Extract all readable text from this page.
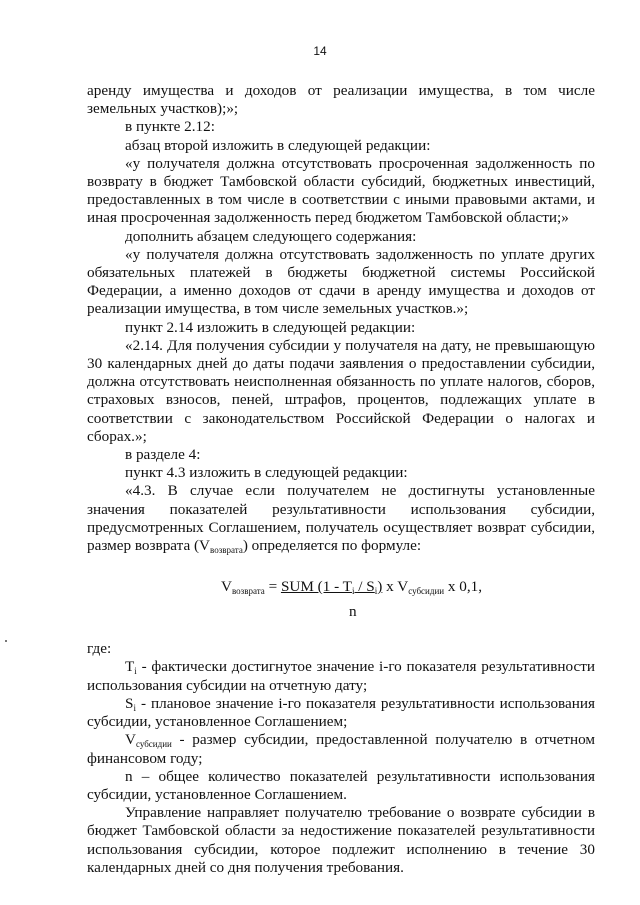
14

аренду имущества и доходов от реализации имущества, в том числе земельных участков);»;

в пункте 2.12:

абзац второй изложить в следующей редакции:

«у получателя должна отсутствовать просроченная задолженность по возврату в бюджет Тамбовской области субсидий, бюджетных инвестиций, предоставленных в том числе в соответствии с иными правовыми актами, и иная просроченная задолженность перед бюджетом Тамбовской области;»

дополнить абзацем следующего содержания:

«у получателя должна отсутствовать задолженность по уплате других обязательных платежей в бюджеты бюджетной системы Российской Федерации, а именно доходов от сдачи в аренду имущества и доходов от реализации имущества, в том числе земельных участков.»;

пункт 2.14 изложить в следующей редакции:

«2.14. Для получения субсидии у получателя на дату, не превышающую 30 календарных дней до даты подачи заявления о предоставлении субсидии, должна отсутствовать неисполненная обязанность по уплате налогов, сборов, страховых взносов, пеней, штрафов, процентов, подлежащих уплате в соответствии с законодательством Российской Федерации о налогах и сборах.»;

в разделе 4:

пункт 4.3 изложить в следующей редакции:

«4.3. В случае если получателем не достигнуты установленные значения показателей результативности использования субсидии, предусмотренных Соглашением, получатель осуществляет возврат субсидии, размер возврата $(V_{возврата})$ определяется по формуле:

$V_{возврата}$ = SUM $(1 - T_i / S_i)$ x $V_{субсидии}$ x 0,1,
n

где:

$T_i$ - фактически достигнутое значение i-го показателя результативности использования субсидии на отчетную дату;

$S_i$ - плановое значение i-го показателя результативности использования субсидии, установленное Соглашением;

$V_{субсидии}$ - размер субсидии, предоставленной получателю в отчетном финансовом году;

n – общее количество показателей результативности использования субсидии, установленное Соглашением.

Управление направляет получателю требование о возврате субсидии в бюджет Тамбовской области за недостижение показателей результативности использования субсидии, которое подлежит исполнению в течение 30 календарных дней со дня получения требования.
